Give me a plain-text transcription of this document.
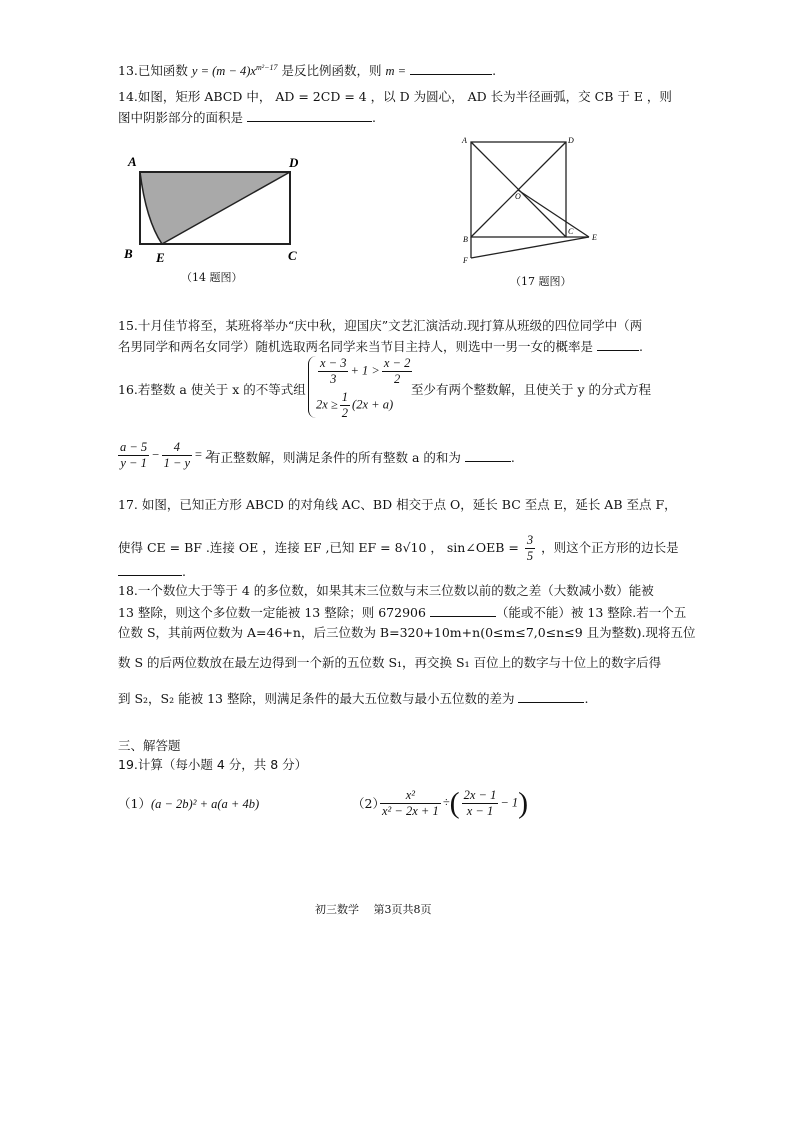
13.已知函数 $y = (m - 4)x^{m^2-17}$ 是反比例函数，则 m =	.
14.如图，矩形 ABCD 中， AD = 2CD = 4 ，以 D 为圆心， AD 长为半径画弧，交 CB 于 E ，则
图中阴影部分的面积是	.
A	D
B E	C
（14 题图）
A	D
O
B
C
E
F
（17 题图）
15.十月佳节将至，某班将举办“庆中秋，迎国庆”文艺汇演活动.现打算从班级的四位同学中（两
名男同学和两名女同学）随机选取两名同学来当节目主持人，则选中一男一女的概率是	.
16.若整数 a 使关于 x 的不等式组
$\frac{x - 3}{3} + 1 > \frac{x - 2}{2}$
$2x \ge \frac{1}{2} (2x + a)$
至少有两个整数解，且使关于 y 的分式方程
$\frac{a - 5}{y - 1} - \frac{4}{1 - y} = 2$
有正整数解，则满足条件的所有整数 a 的和为	.
17. 如图，已知正方形 ABCD 的对角线 AC、BD 相交于点 O，延长 BC 至点 E，延长 AB 至点 F，
使得 CE = BF .连接 OE ，连接 EF ,已知 EF = 8√10 ， sin∠OEB = $\frac{3}{5}$ ，则这个正方形的边长是
.
18.一个数位大于等于 4 的多位数，如果其末三位数与末三位数以前的数之差（大数减小数）能被
13 整除，则这个多位数一定能被 13 整除；则 672906	（能或不能）被 13 整除.若一个五
位数 S，其前两位数为 A=46+n，后三位数为 B=320+10m+n(0≤m≤7,0≤n≤9 且为整数).现将五位
数 S 的后两位数放在最左边得到一个新的五位数 S₁，再交换 S₁ 百位上的数字与十位上的数字后得
到 S₂，S₂ 能被 13 整除，则满足条件的最大五位数与最小五位数的差为	.
三、解答题
19.计算（每小题 4 分，共 8 分）
（1）(a − 2b)² + a(a + 4b)	（2）
$\frac{\text{x²}}{\text{x² − 2x + 1}}$ ÷( $\frac{2x - 1}{x - 1} - 1$)
初三数学　 第3页共8页
